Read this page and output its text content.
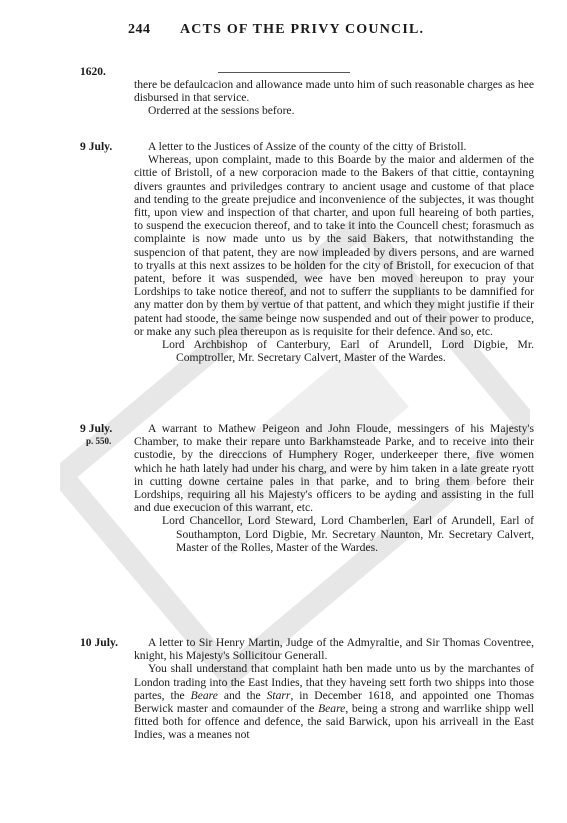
244 ACTS OF THE PRIVY COUNCIL.
1620.

there be defaulcacion and allowance made unto him of such reasonable charges as hee disbursed in that service.

Orderred at the sessions before.

9 July.	A letter to the Justices of Assize of the county of the citty of Bristoll.

Whereas, upon complaint, made to this Boarde by the maior and aldermen of the cittie of Bristoll, of a new corporacion made to the Bakers of that cittie, contayning divers grauntes and priviledges contrary to ancient usage and custome of that place and tending to the greate prejudice and inconvenience of the subjectes, it was thought fitt, upon view and inspection of that charter, and upon full heareing of both parties, to suspend the execucion thereof, and to take it into the Councell chest; forasmuch as complainte is now made unto us by the said Bakers, that notwithstanding the suspencion of that patent, they are now impleaded by divers persons, and are warned to tryalls at this next assizes to be holden for the city of Bristoll, for execucion of that patent, before it was suspended, wee have ben moved hereupon to pray your Lordships to take notice thereof, and not to sufferr the suppliants to be damnified for any matter don by them by vertue of that pattent, and which they might justifie if their patent had stoode, the same beinge now suspended and out of their power to produce, or make any such plea thereupon as is requisite for their defence. And so, etc.

Lord Archbishop of Canterbury, Earl of Arundell, Lord Digbie, Mr. Comptroller, Mr. Secretary Calvert, Master of the Wardes.

9 July.
p. 550.

A warrant to Mathew Peigeon and John Floude, messingers of his Majesty's Chamber, to make their repare unto Barkhamsteade Parke, and to receive into their custodie, by the direccions of Humphery Roger, underkeeper there, five women which he hath lately had under his charg, and were by him taken in a late greate ryott in cutting downe certaine pales in that parke, and to bring them before their Lordships, requiring all his Majesty's officers to be ayding and assisting in the full and due execucion of this warrant, etc.

Lord Chancellor, Lord Steward, Lord Chamberlen, Earl of Arundell, Earl of Southampton, Lord Digbie, Mr. Secretary Naunton, Mr. Secretary Calvert, Master of the Rolles, Master of the Wardes.

10 July.	A letter to Sir Henry Martin, Judge of the Admyraltie, and Sir Thomas Coventree, knight, his Majesty's Sollicitour Generall.

You shall understand that complaint hath ben made unto us by the marchantes of London trading into the East Indies, that they haveing sett forth two shipps into those partes, the Beare and the Starr, in December 1618, and appointed one Thomas Berwick master and comaunder of the Beare, being a strong and warrlike shipp well fitted both for offence and defence, the said Barwick, upon his arriveall in the East Indies, was a meanes not
